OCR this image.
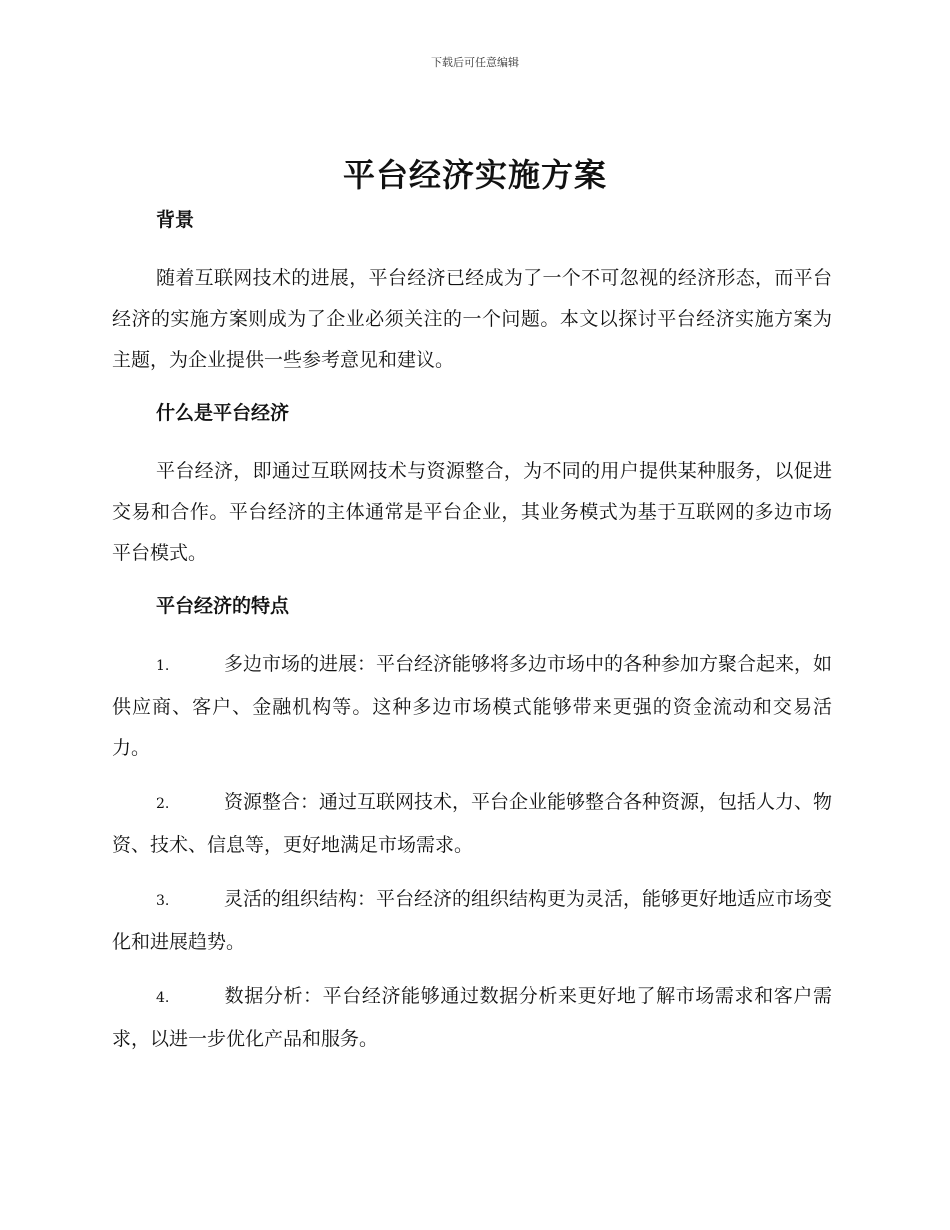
下载后可任意编辑
平台经济实施方案
背景

随着互联网技术的进展，平台经济已经成为了一个不可忽视的经济形态，而平台经济的实施方案则成为了企业必须关注的一个问题。本文以探讨平台经济实施方案为主题，为企业提供一些参考意见和建议。

什么是平台经济

平台经济，即通过互联网技术与资源整合，为不同的用户提供某种服务，以促进交易和合作。平台经济的主体通常是平台企业，其业务模式为基于互联网的多边市场平台模式。

平台经济的特点

1.	多边市场的进展：平台经济能够将多边市场中的各种参加方聚合起来，如供应商、客户、金融机构等。这种多边市场模式能够带来更强的资金流动和交易活力。

2.	资源整合：通过互联网技术，平台企业能够整合各种资源，包括人力、物资、技术、信息等，更好地满足市场需求。

3.	灵活的组织结构：平台经济的组织结构更为灵活，能够更好地适应市场变化和进展趋势。

4.	数据分析：平台经济能够通过数据分析来更好地了解市场需求和客户需求，以进一步优化产品和服务。
